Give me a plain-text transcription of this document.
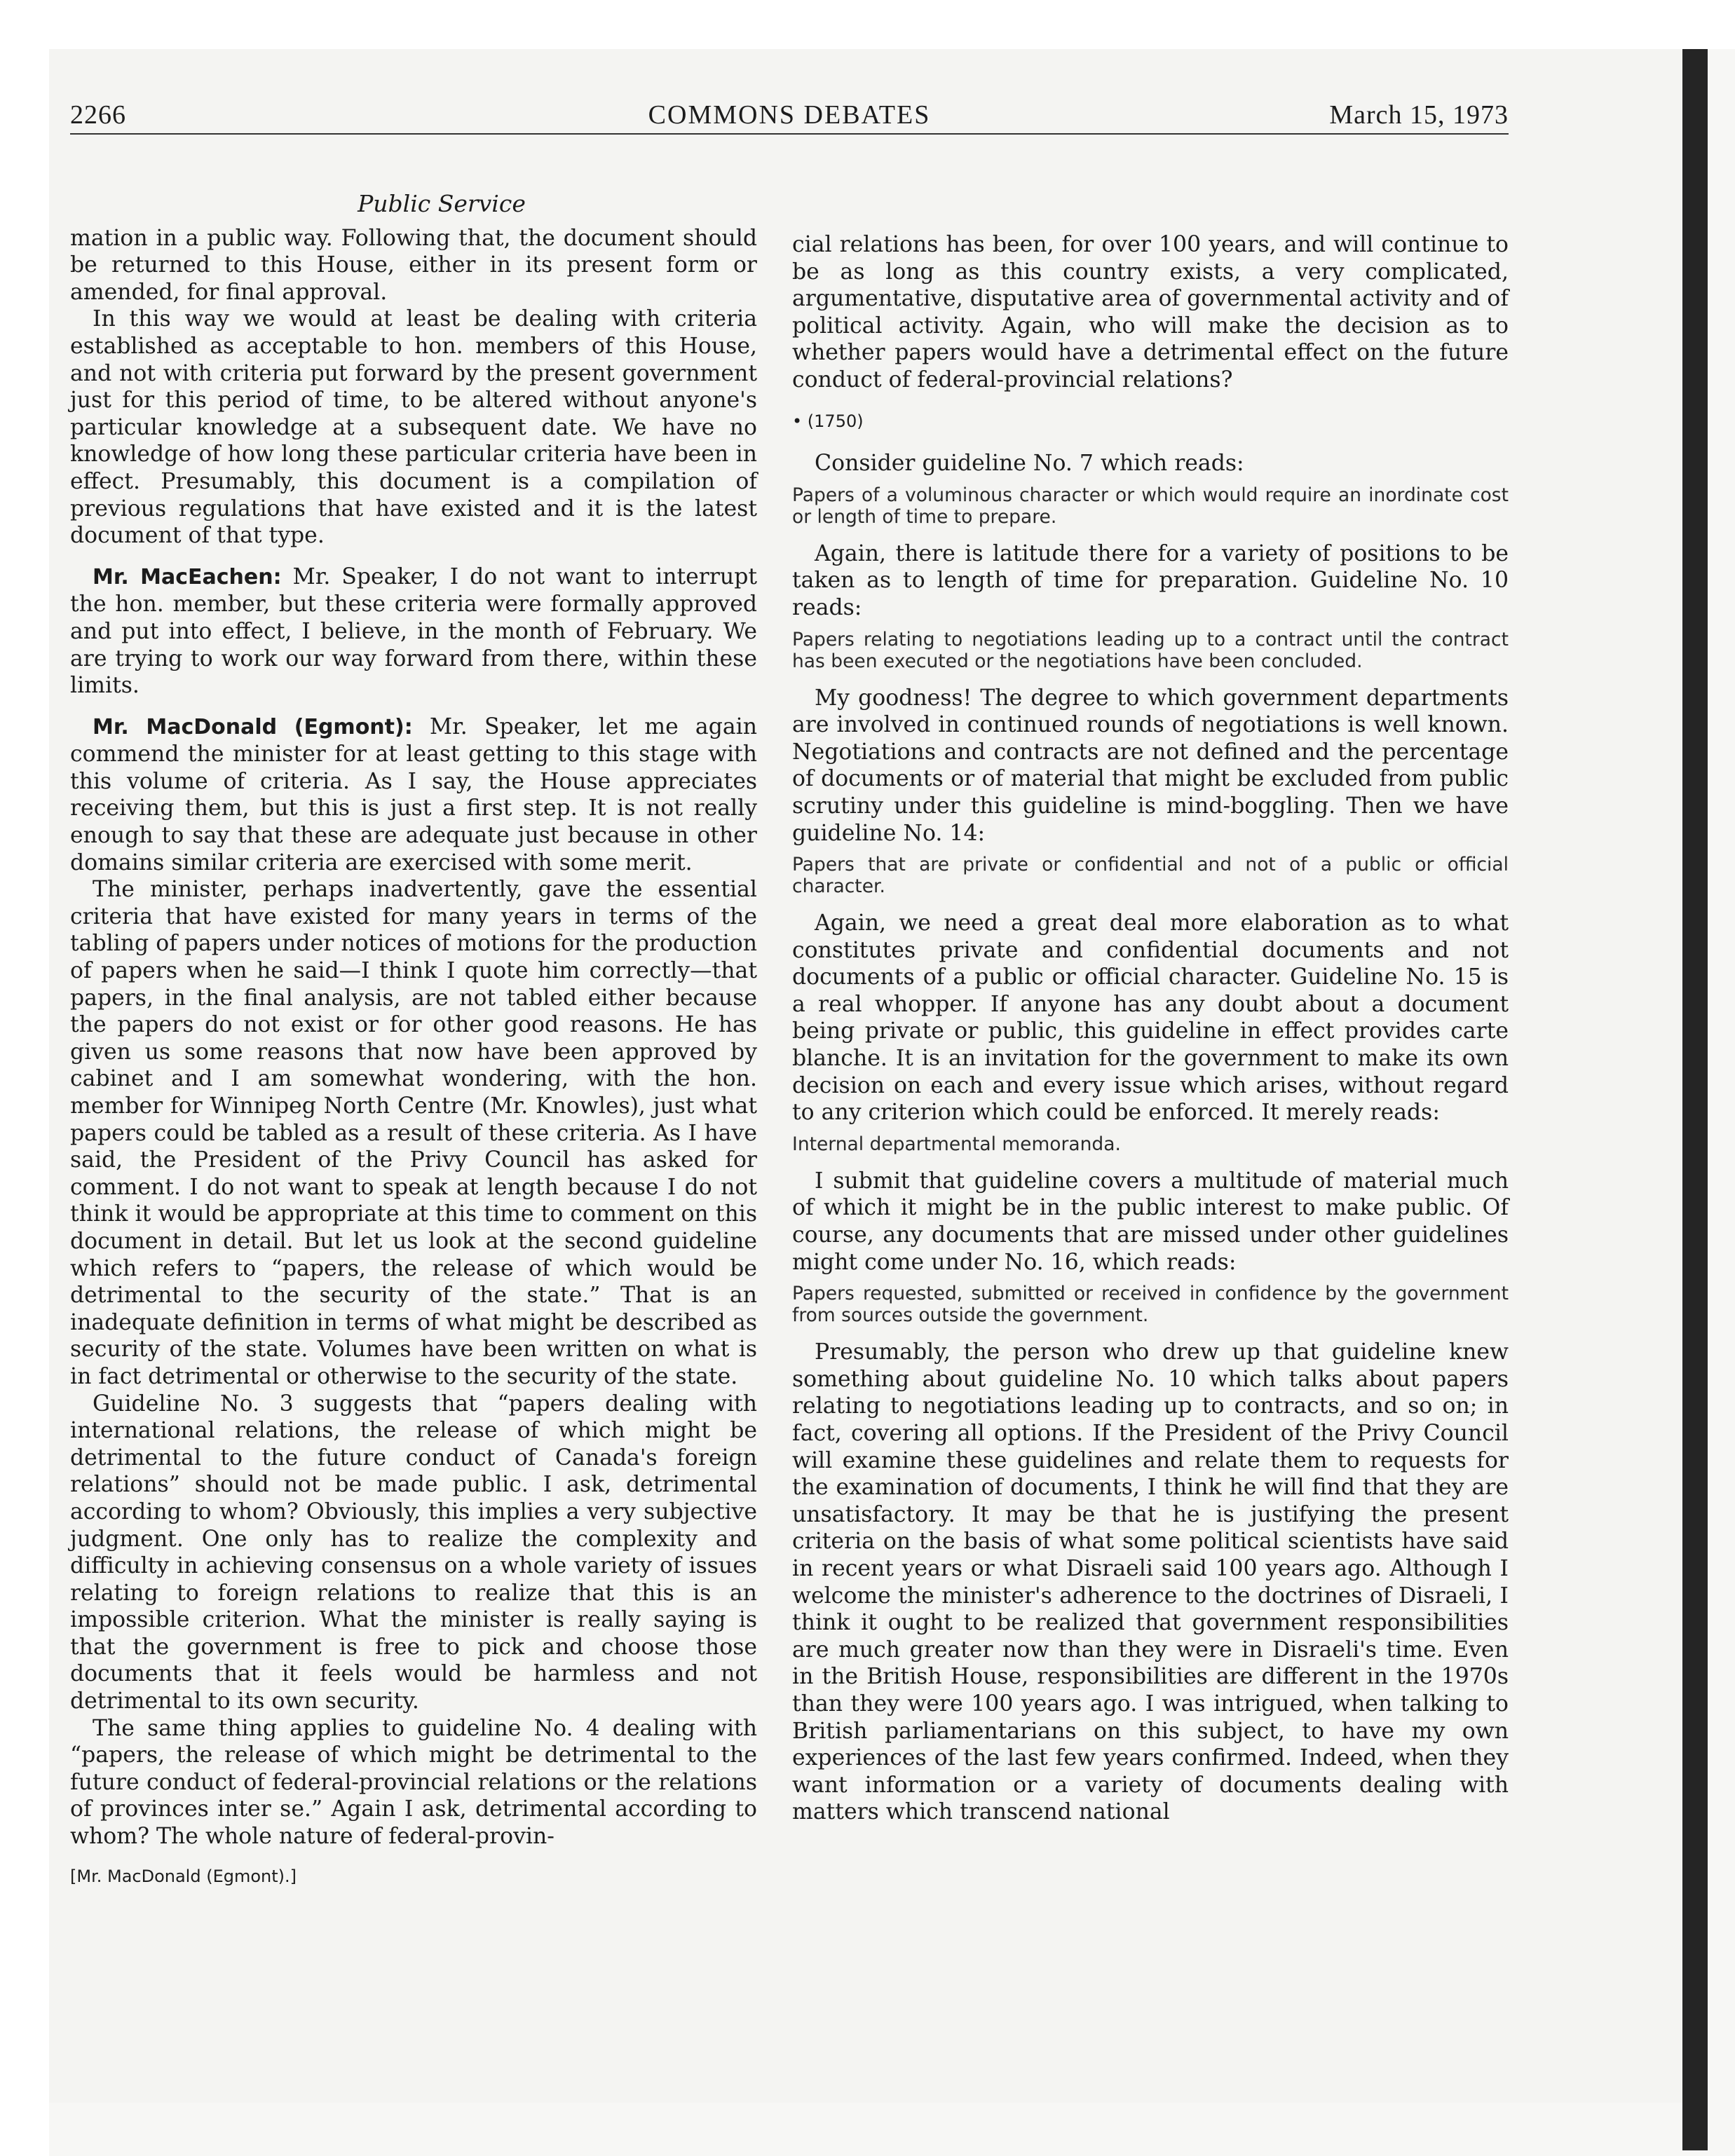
2266	COMMONS DEBATES	March 15, 1973
Public Service

mation in a public way. Following that, the document should be returned to this House, either in its present form or amended, for final approval.

In this way we would at least be dealing with criteria established as acceptable to hon. members of this House, and not with criteria put forward by the present government just for this period of time, to be altered without anyone's particular knowledge at a subsequent date. We have no knowledge of how long these particular criteria have been in effect. Presumably, this document is a compilation of previous regulations that have existed and it is the latest document of that type.

Mr. MacEachen: Mr. Speaker, I do not want to interrupt the hon. member, but these criteria were formally approved and put into effect, I believe, in the month of February. We are trying to work our way forward from there, within these limits.

Mr. MacDonald (Egmont): Mr. Speaker, let me again commend the minister for at least getting to this stage with this volume of criteria. As I say, the House appreciates receiving them, but this is just a first step. It is not really enough to say that these are adequate just because in other domains similar criteria are exercised with some merit.

The minister, perhaps inadvertently, gave the essential criteria that have existed for many years in terms of the tabling of papers under notices of motions for the production of papers when he said—I think I quote him correctly—that papers, in the final analysis, are not tabled either because the papers do not exist or for other good reasons. He has given us some reasons that now have been approved by cabinet and I am somewhat wondering, with the hon. member for Winnipeg North Centre (Mr. Knowles), just what papers could be tabled as a result of these criteria. As I have said, the President of the Privy Council has asked for comment. I do not want to speak at length because I do not think it would be appropriate at this time to comment on this document in detail. But let us look at the second guideline which refers to “papers, the release of which would be detrimental to the security of the state.” That is an inadequate definition in terms of what might be described as security of the state. Volumes have been written on what is in fact detrimental or otherwise to the security of the state.

Guideline No. 3 suggests that “papers dealing with international relations, the release of which might be detrimental to the future conduct of Canada's foreign relations” should not be made public. I ask, detrimental according to whom? Obviously, this implies a very subjective judgment. One only has to realize the complexity and difficulty in achieving consensus on a whole variety of issues relating to foreign relations to realize that this is an impossible criterion. What the minister is really saying is that the government is free to pick and choose those documents that it feels would be harmless and not detrimental to its own security.

The same thing applies to guideline No. 4 dealing with “papers, the release of which might be detrimental to the future conduct of federal-provincial relations or the relations of provinces inter se.” Again I ask, detrimental according to whom? The whole nature of federal-provin-

[Mr. MacDonald (Egmont).]

cial relations has been, for over 100 years, and will continue to be as long as this country exists, a very complicated, argumentative, disputative area of governmental activity and of political activity. Again, who will make the decision as to whether papers would have a detrimental effect on the future conduct of federal-provincial relations?

• (1750)

Consider guideline No. 7 which reads:

Papers of a voluminous character or which would require an inordinate cost or length of time to prepare.

Again, there is latitude there for a variety of positions to be taken as to length of time for preparation. Guideline No. 10 reads:

Papers relating to negotiations leading up to a contract until the contract has been executed or the negotiations have been concluded.

My goodness! The degree to which government departments are involved in continued rounds of negotiations is well known. Negotiations and contracts are not defined and the percentage of documents or of material that might be excluded from public scrutiny under this guideline is mind-boggling. Then we have guideline No. 14:

Papers that are private or confidential and not of a public or official character.

Again, we need a great deal more elaboration as to what constitutes private and confidential documents and not documents of a public or official character. Guideline No. 15 is a real whopper. If anyone has any doubt about a document being private or public, this guideline in effect provides carte blanche. It is an invitation for the government to make its own decision on each and every issue which arises, without regard to any criterion which could be enforced. It merely reads:

Internal departmental memoranda.

I submit that guideline covers a multitude of material much of which it might be in the public interest to make public. Of course, any documents that are missed under other guidelines might come under No. 16, which reads:

Papers requested, submitted or received in confidence by the government from sources outside the government.

Presumably, the person who drew up that guideline knew something about guideline No. 10 which talks about papers relating to negotiations leading up to contracts, and so on; in fact, covering all options. If the President of the Privy Council will examine these guidelines and relate them to requests for the examination of documents, I think he will find that they are unsatisfactory. It may be that he is justifying the present criteria on the basis of what some political scientists have said in recent years or what Disraeli said 100 years ago. Although I welcome the minister's adherence to the doctrines of Disraeli, I think it ought to be realized that government responsibilities are much greater now than they were in Disraeli's time. Even in the British House, responsibilities are different in the 1970s than they were 100 years ago. I was intrigued, when talking to British parliamentarians on this subject, to have my own experiences of the last few years confirmed. Indeed, when they want information or a variety of documents dealing with matters which transcend national
